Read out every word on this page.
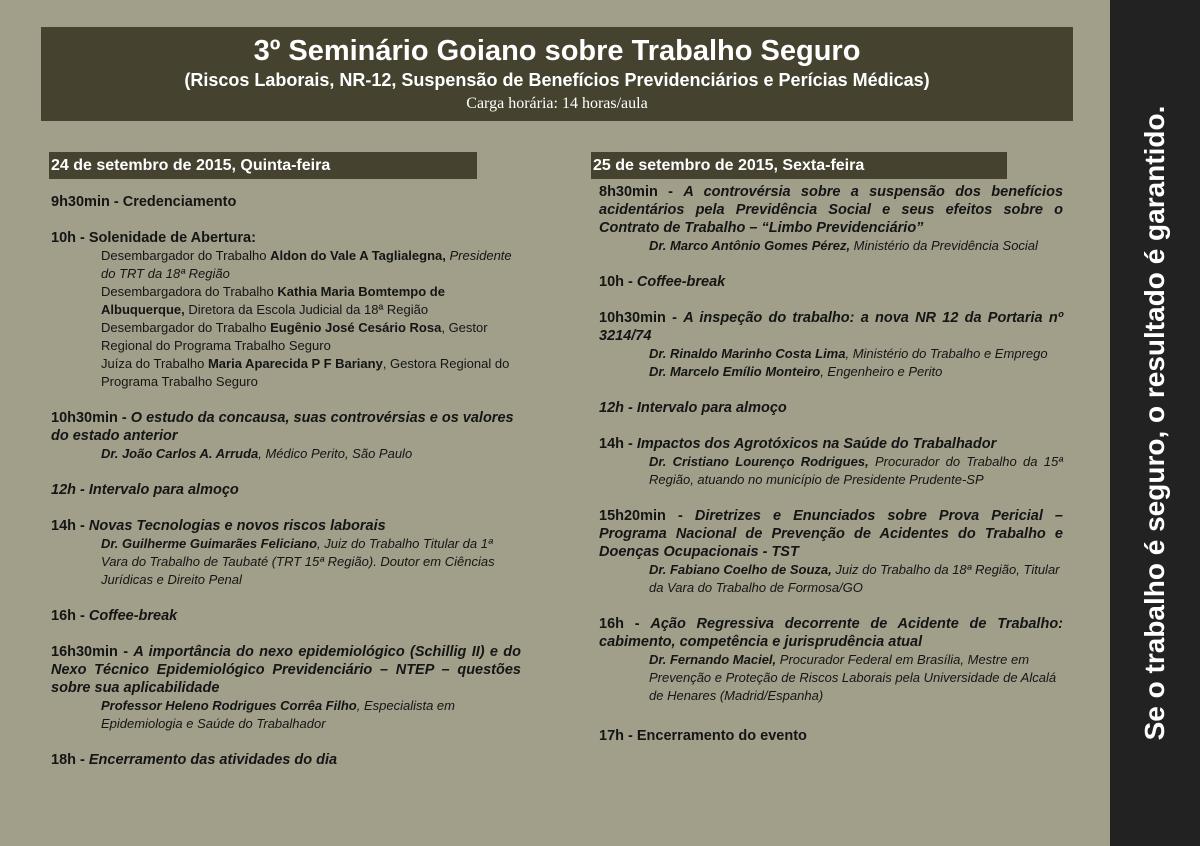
3º Seminário Goiano sobre Trabalho Seguro
(Riscos Laborais, NR-12, Suspensão de Benefícios Previdenciários e Perícias Médicas)
Carga horária: 14 horas/aula
24 de setembro de 2015, Quinta-feira
9h30min - Credenciamento
10h - Solenidade de Abertura:
Desembargador do Trabalho Aldon do Vale A Taglialegna, Presidente do TRT da 18ª Região
Desembargadora do Trabalho Kathia Maria Bomtempo de Albuquerque, Diretora da Escola Judicial da 18ª Região
Desembargador do Trabalho Eugênio José Cesário Rosa, Gestor Regional do Programa Trabalho Seguro
Juíza do Trabalho Maria Aparecida P F Bariany, Gestora Regional do Programa Trabalho Seguro
10h30min - O estudo da concausa, suas controvérsias e os valores do estado anterior
Dr. João Carlos A. Arruda, Médico Perito, São Paulo
12h - Intervalo para almoço
14h - Novas Tecnologias e novos riscos laborais
Dr. Guilherme Guimarães Feliciano, Juiz do Trabalho Titular da 1ª Vara do Trabalho de Taubaté (TRT 15ª Região). Doutor em Ciências Jurídicas e Direito Penal
16h - Coffee-break
16h30min - A importância do nexo epidemiológico (Schillig II) e do Nexo Técnico Epidemiológico Previdenciário – NTEP – questões sobre sua aplicabilidade
Professor Heleno Rodrigues Corrêa Filho, Especialista em Epidemiologia e Saúde do Trabalhador
18h - Encerramento das atividades do dia
25 de setembro de 2015, Sexta-feira
8h30min - A controvérsia sobre a suspensão dos benefícios acidentários pela Previdência Social e seus efeitos sobre o Contrato de Trabalho – “Limbo Previdenciário”
Dr. Marco Antônio Gomes Pérez, Ministério da Previdência Social
10h - Coffee-break
10h30min - A inspeção do trabalho: a nova NR 12 da Portaria nº 3214/74
Dr. Rinaldo Marinho Costa Lima, Ministério do Trabalho e Emprego
Dr. Marcelo Emílio Monteiro, Engenheiro e Perito
12h - Intervalo para almoço
14h - Impactos dos Agrotóxicos na Saúde do Trabalhador
Dr. Cristiano Lourenço Rodrigues, Procurador do Trabalho da 15ª Região, atuando no município de Presidente Prudente-SP
15h20min - Diretrizes e Enunciados sobre Prova Pericial – Programa Nacional de Prevenção de Acidentes do Trabalho e Doenças Ocupacionais - TST
Dr. Fabiano Coelho de Souza, Juiz do Trabalho da 18ª Região, Titular da Vara do Trabalho de Formosa/GO
16h - Ação Regressiva decorrente de Acidente de Trabalho: cabimento, competência e jurisprudência atual
Dr. Fernando Maciel, Procurador Federal em Brasília, Mestre em Prevenção e Proteção de Riscos Laborais pela Universidade de Alcalá de Henares (Madrid/Espanha)
17h - Encerramento do evento	Se o trabalho é seguro, o resultado é garantido.
